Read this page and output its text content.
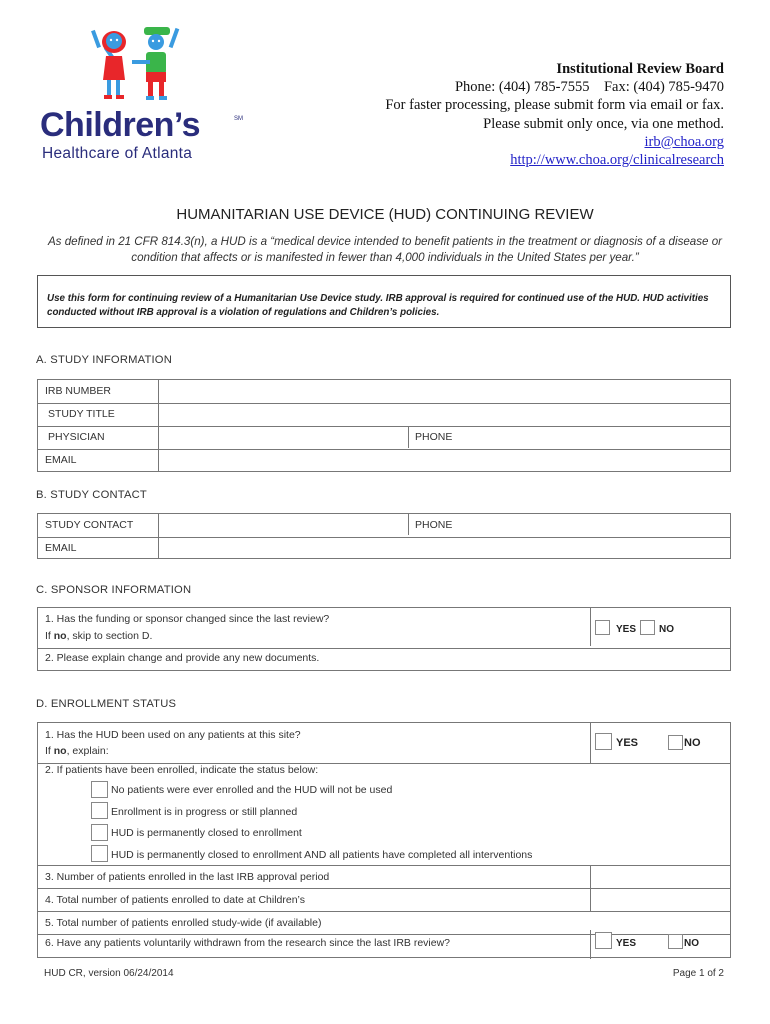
Children’s	SM
Healthcare of Atlanta
Institutional Review Board
Phone: (404) 785-7555    Fax: (404) 785-9470
For faster processing, please submit form via email or fax.
Please submit only once, via one method.
irb@choa.org
http://www.choa.org/clinicalresearch
HUMANITARIAN USE DEVICE (HUD) CONTINUING REVIEW
As defined in 21 CFR 814.3(n), a HUD is a “medical device intended to benefit patients in the treatment or diagnosis of a disease or condition that affects or is manifested in fewer than 4,000 individuals in the United States per year.”
Use this form for continuing review of a Humanitarian Use Device study. IRB approval is required for continued use of the HUD. HUD activities conducted without IRB approval is a violation of regulations and Children’s policies.
A. STUDY INFORMATION
IRB NUMBER
STUDY TITLE
PHYSICIAN	PHONE
EMAIL
B. STUDY CONTACT
STUDY CONTACT	PHONE
EMAIL
C. SPONSOR INFORMATION
1. Has the funding or sponsor changed since the last review?
If no, skip to section D.
YES NO
2. Please explain change and provide any new documents.
D. ENROLLMENT STATUS
1. Has the HUD been used on any patients at this site?
If no, explain:
YES	NO
2. If patients have been enrolled, indicate the status below:
No patients were ever enrolled and the HUD will not be used
Enrollment is in progress or still planned
HUD is permanently closed to enrollment
HUD is permanently closed to enrollment AND all patients have completed all interventions
3. Number of patients enrolled in the last IRB approval period
4. Total number of patients enrolled to date at Children’s
5. Total number of patients enrolled study-wide (if available)
6. Have any patients voluntarily withdrawn from the research since the last IRB review?	YES	NO
HUD CR, version 06/24/2014	Page 1 of 2
